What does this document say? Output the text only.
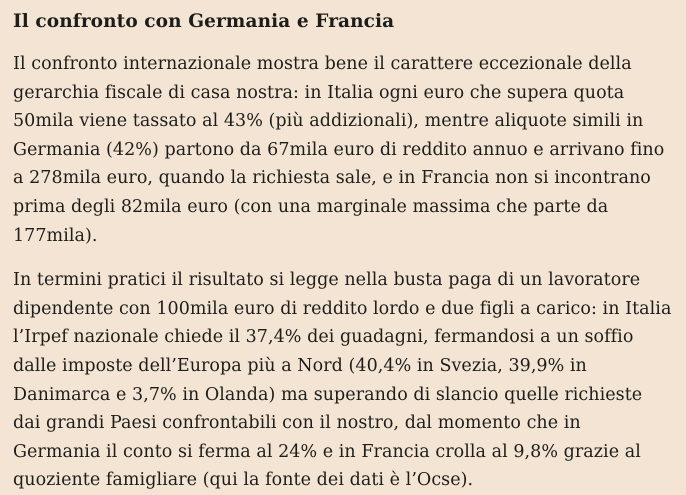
Il confronto con Germania e Francia

Il confronto internazionale mostra bene il carattere eccezionale della gerarchia fiscale di casa nostra: in Italia ogni euro che supera quota 50mila viene tassato al 43% (più addizionali), mentre aliquote simili in Germania (42%) partono da 67mila euro di reddito annuo e arrivano fino a 278mila euro, quando la richiesta sale, e in Francia non si incontrano prima degli 82mila euro (con una marginale massima che parte da 177mila).

In termini pratici il risultato si legge nella busta paga di un lavoratore dipendente con 100mila euro di reddito lordo e due figli a carico: in Italia l’Irpef nazionale chiede il 37,4% dei guadagni, fermandosi a un soffio dalle imposte dell’Europa più a Nord (40,4% in Svezia, 39,9% in Danimarca e 3,7% in Olanda) ma superando di slancio quelle richieste dai grandi Paesi confrontabili con il nostro, dal momento che in Germania il conto si ferma al 24% e in Francia crolla al 9,8% grazie al quoziente famigliare (qui la fonte dei dati è l’Ocse).
